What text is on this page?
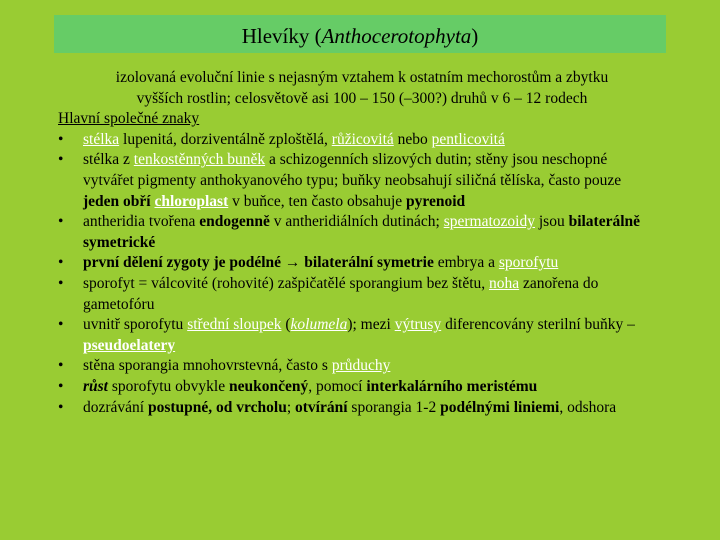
Hlevíky (Anthocerotophyta)
izolovaná evoluční linie s nejasným vztahem k ostatním mechorostům a zbytku
vyšších rostlin; celosvětově asi 100 – 150 (–300?) druhů v 6 – 12 rodech
Hlavní společné znaky
• stélka lupenitá, dorziventálně zploštělá, růžicovitá nebo pentlicovitá
• stélka z tenkostěnných buněk a schizogenních slizových dutin; stěny jsou neschopné vytvářet pigmenty anthokyanového typu; buňky neobsahují siličná tělíska, často pouze jeden obří chloroplast v buňce, ten často obsahuje pyrenoid
• antheridia tvořena endogenně v antheridiálních dutinách; spermatozoidy jsou bilaterálně symetrické
• první dělení zygoty je podélné → bilaterální symetrie embrya a sporofytu
• sporofyt = válcovité (rohovité) zašpičatělé sporangium bez štětu, noha zanořena do gametofóru
• uvnitř sporofytu střední sloupek (kolumela); mezi výtrusy diferencovány sterilní buňky – pseudoelatery
• stěna sporangia mnohovrstevná, často s průduchy
• růst sporofytu obvykle neukončený, pomocí interkalárního meristému
• dozrávání postupné, od vrcholu; otvírání sporangia 1-2 podélnými liniemi, odshora
